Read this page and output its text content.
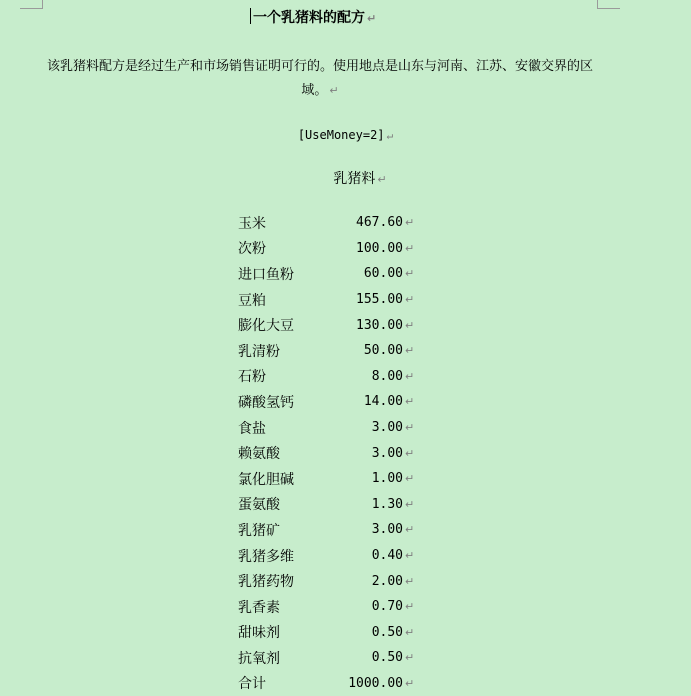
一个乳猪料的配方 ↵
该乳猪料配方是经过生产和市场销售证明可行的。使用地点是山东与河南、江苏、安徽交界的区域。 ↵
[UseMoney=2] ↵
乳猪料 ↵
玉米	467.60 ↵
次粉	100.00 ↵
进口鱼粉	60.00 ↵
豆粕	155.00 ↵
膨化大豆	130.00 ↵
乳清粉	50.00 ↵
石粉	8.00 ↵
磷酸氢钙	14.00 ↵
食盐	3.00 ↵
赖氨酸	3.00 ↵
氯化胆碱	1.00 ↵
蛋氨酸	1.30 ↵
乳猪矿	3.00 ↵
乳猪多维	0.40 ↵
乳猪药物	2.00 ↵
乳香素	0.70 ↵
甜味剂	0.50 ↵
抗氧剂	0.50 ↵
合计	1000.00 ↵
